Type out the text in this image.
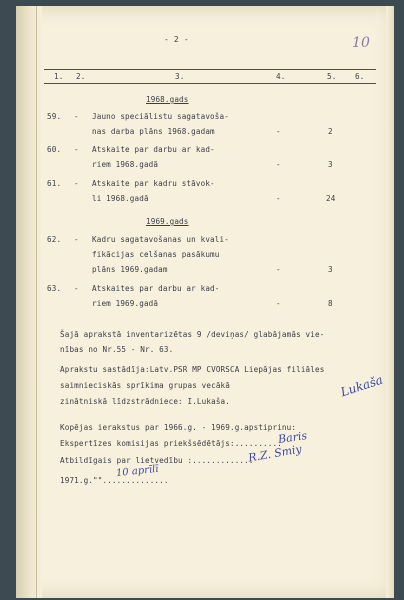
- 2 -	10
1. 2.	3.	4.	5. 6.
1968.gads
59. - Jauno speciālistu sagatavoša-
nas darba plāns 1968.gadam	-	2
60. - Atskaite par darbu ar kad-
riem 1968.gadā	-	3
61. - Atskaite par kadru stāvok-
li 1968.gadā	-	24
1969.gads
62. - Kadru sagatavošanas un kvali-
fikācijas celšanas pasākumu
plāns 1969.gadam	-	3
63. - Atskaites par darbu ar kad-
riem 1969.gadā	-	8
Šajā aprakstā inventarizētas 9 /deviņas/ glabājamās vie-
nības no Nr.55 - Nr. 63.
Aprakstu sastādīja:Latv.PSR MP CVORSCA Liepājas filiāles
saimnieciskās sprīkima grupas vecākā
zinātniskā līdzstrādniece: I.Lukaša.
Lukaša
Kopējas ierakstus par 1966.g. - 1969.g.apstiprinu:
Ekspertīzes komisijas priekšsēdētājs:..........
Baris
Atbildīgais par lietvedību :.............
R.Z. Smiy
1971.g.""..............
10 aprīlī
